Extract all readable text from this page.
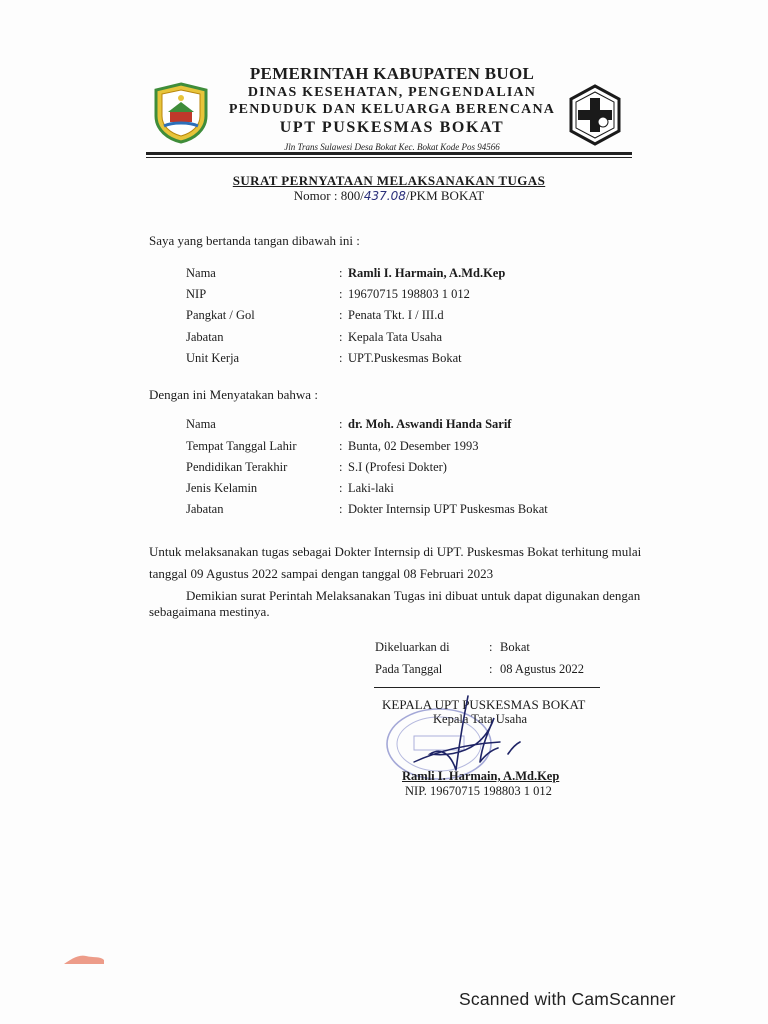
PEMERINTAH KABUPATEN BUOL
DINAS KESEHATAN, PENGENDALIAN
PENDUDUK DAN KELUARGA BERENCANA
UPT PUSKESMAS BOKAT
Jln Trans Sulawesi Desa Bokat Kec. Bokat Kode Pos 94566
SURAT PERNYATAAN MELAKSANAKAN TUGAS
Nomor : 800/437.08/PKM BOKAT
Saya yang bertanda tangan dibawah ini :
Nama	: Ramli I. Harmain, A.Md.Kep
NIP	: 19670715 198803 1 012
Pangkat / Gol	: Penata Tkt. I / III.d
Jabatan	: Kepala Tata Usaha
Unit Kerja	: UPT.Puskesmas Bokat
Dengan ini Menyatakan bahwa :
Nama	: dr. Moh. Aswandi Handa Sarif
Tempat Tanggal Lahir	: Bunta, 02 Desember 1993
Pendidikan Terakhir	: S.I (Profesi Dokter)
Jenis Kelamin	: Laki-laki
Jabatan	: Dokter Internsip UPT Puskesmas Bokat
Untuk melaksanakan tugas sebagai Dokter Internsip di UPT. Puskesmas Bokat terhitung mulai
tanggal 09 Agustus 2022 sampai dengan tanggal 08 Februari 2023
Demikian surat Perintah Melaksanakan Tugas ini dibuat untuk dapat digunakan dengan
sebagaimana mestinya.
Dikeluarkan di	: Bokat
Pada Tanggal	: 08 Agustus 2022
KEPALA UPT PUSKESMAS BOKAT
Kepala Tata Usaha
Ramli I. Harmain, A.Md.Kep
NIP. 19670715 198803 1 012
Scanned with CamScanner
